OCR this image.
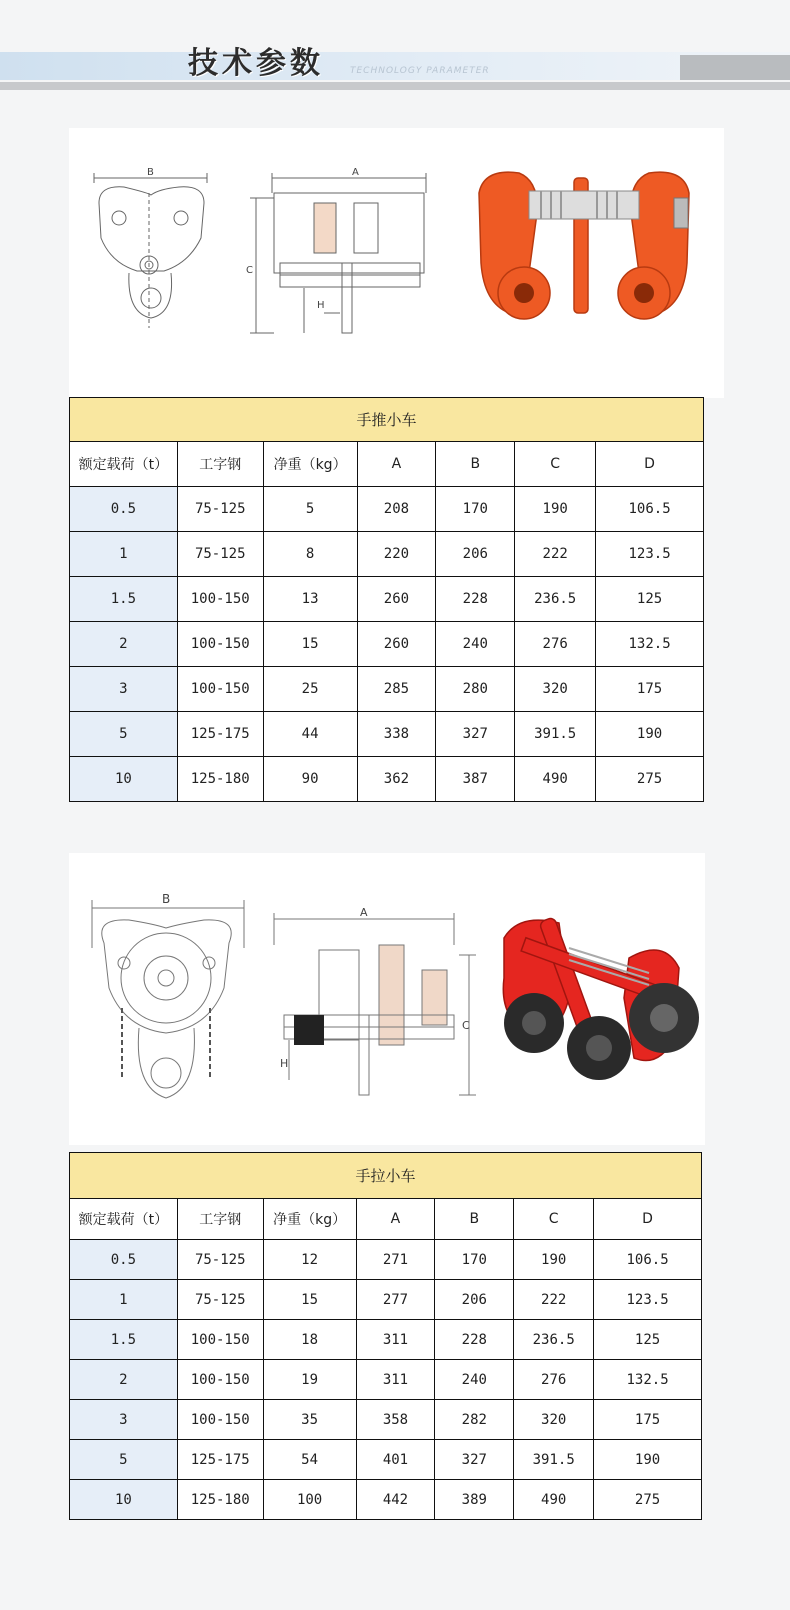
技术参数	TECHNOLOGY PARAMETER
B	A
C
H
手推小车						
额定载荷（t）	工字钢	净重（kg）	A	B	C	D
0.5	75-125	5	208	170	190	106.5
1	75-125	8	220	206	222	123.5
1.5	100-150	13	260	228	236.5	125
2	100-150	15	260	240	276	132.5
3	100-150	25	285	280	320	175
5	125-175	44	338	327	391.5	190
10	125-180	90	362	387	490	275
B
A
C
H
手拉小车						
额定载荷（t）	工字钢	净重（kg）	A	B	C	D
0.5	75-125	12	271	170	190	106.5
1	75-125	15	277	206	222	123.5
1.5	100-150	18	311	228	236.5	125
2	100-150	19	311	240	276	132.5
3	100-150	35	358	282	320	175
5	125-175	54	401	327	391.5	190
10	125-180	100	442	389	490	275
